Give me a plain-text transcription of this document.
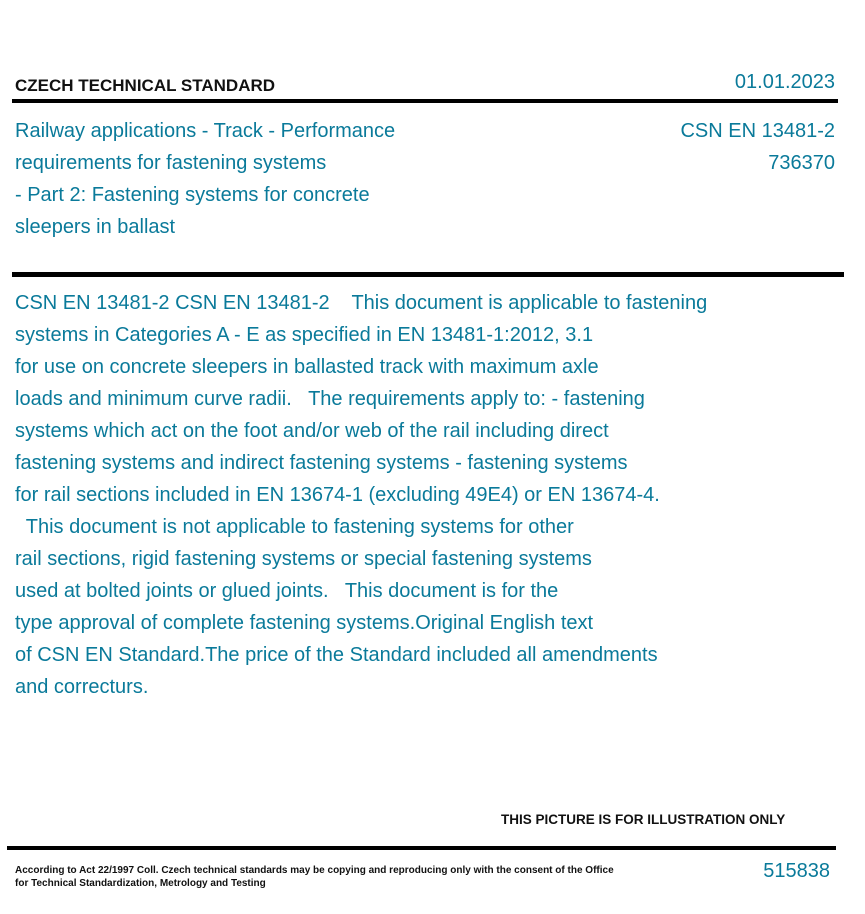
CZECH TECHNICAL STANDARD	01.01.2023
Railway applications - Track - Performance
requirements for fastening systems
- Part 2: Fastening systems for concrete
sleepers in ballast
CSN EN 13481-2
736370
CSN EN 13481-2 CSN EN 13481-2    This document is applicable to fastening
systems in Categories A - E as specified in EN 13481-1:2012, 3.1
for use on concrete sleepers in ballasted track with maximum axle
loads and minimum curve radii.   The requirements apply to: - fastening
systems which act on the foot and/or web of the rail including direct
fastening systems and indirect fastening systems - fastening systems
for rail sections included in EN 13674-1 (excluding 49E4) or EN 13674-4.
This document is not applicable to fastening systems for other
rail sections, rigid fastening systems or special fastening systems
used at bolted joints or glued joints.   This document is for the
type approval of complete fastening systems.Original English text
of CSN EN Standard.The price of the Standard included all amendments
and correcturs.
THIS PICTURE IS FOR ILLUSTRATION ONLY
According to Act 22/1997 Coll. Czech technical standards may be copying and reproducing only with the consent of the Office
for Technical Standardization, Metrology and Testing
515838
